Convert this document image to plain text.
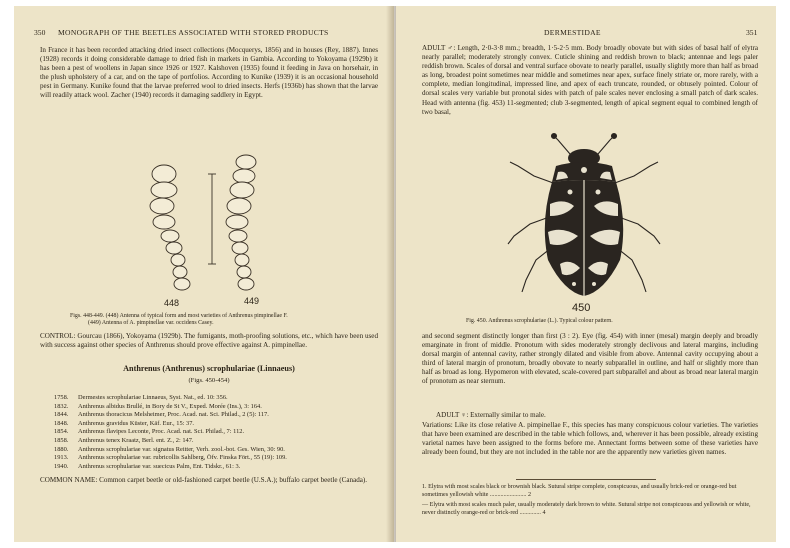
350 MONOGRAPH OF THE BEETLES ASSOCIATED WITH STORED PRODUCTS

In France it has been recorded attacking dried insect collections (Mocquerys, 1856) and in houses (Rey, 1887). Innes (1928) records it doing considerable damage to dried fish in markets in Gambia. According to Yokoyama (1929b) it has been a pest of woollens in Japan since 1926 or 1927. Kalshoven (1935) found it feeding in Java on horsehair, in the plush upholstery of a car, and on the tape of portfolios. According to Kunike (1939) it is an occasional household pest in Germany. Kunike found that the larvae preferred wool to dried insects. Herfs (1936b) has shown that the larvae will readily attack wool. Zacher (1940) records it damaging saddlery in Egypt.

448	449
Figs. 448-449. (448) Antenna of typical form and most varieties of Anthrenus pimpinellae F.
(449) Antenna of A. pimpinellae var. occidens Casey.

CONTROL: Gourcau (1866), Yokoyama (1929b). The fumigants, moth-proofing solutions, etc., which have been used with success against other species of Anthrenus should prove effective against A. pimpinellae.

Anthrenus (Anthrenus) scrophulariae (Linnaeus)
(Figs. 450-454)
1758. Dermestes scrophulariae Linnaeus, Syst. Nat., ed. 10: 356.
1832. Anthrenus albidus Brullé, in Bory de St V., Exped. Morée (Ins.), 3: 164.
1844. Anthrenus thoracicus Melsheimer, Proc. Acad. nat. Sci. Philad., 2 (5): 117.
1848. Anthrenus gravidus Küster, Käf. Eur., 15: 37.
1854. Anthrenus flavipes Leconte, Proc. Acad. nat. Sci. Philad., 7: 112.
1858. Anthrenus tenex Kraatz, Berl. ent. Z., 2: 147.
1880. Anthrenus scrophulariae var. signatus Reitter, Verh. zool.-bot. Ges. Wien, 30: 90.
1913. Anthrenus scrophulariae var. rubricollis Sahlberg, Öfv. Finska Fört., 55 (19): 109.
1940. Anthrenus scrophulariae var. suecicus Palm, Ent. Tidskr., 61: 3.

COMMON NAME: Common carpet beetle or old-fashioned carpet beetle (U.S.A.); buffalo carpet beetle (Canada).

DERMESTIDAE	351

ADULT ♂: Length, 2·0-3·8 mm.; breadth, 1·5-2·5 mm. Body broadly obovate but with sides of basal half of elytra nearly parallel; moderately strongly convex. Cuticle shining and reddish brown to black; antennae and legs paler reddish brown. Scales of dorsal and ventral surface obovate to nearly parallel, usually slightly more than half as broad as long, broadest point sometimes near middle and sometimes near apex, surface finely striate or, more rarely, with a complete, median longitudinal, impressed line, and apex of each truncate, rounded, or obtusely pointed. Colour of dorsal scales very variable but pronotal sides with patch of pale scales never enclosing a small patch of dark scales. Head with antenna (fig. 453) 11-segmented; club 3-segmented, length of apical segment equal to combined length of two basal,

450
Fig. 450. Anthrenus scrophulariae (L.). Typical colour pattern.

and second segment distinctly longer than first (3 : 2). Eye (fig. 454) with inner (mesal) margin deeply and broadly emarginate in front of middle. Pronotum with sides moderately strongly declivous and lateral margins, including dorsal margin of antennal cavity, rather strongly dilated and visible from above. Antennal cavity occupying about a third of lateral margin of pronotum, broadly obovate to nearly subparallel in outline, and half or slightly more than half as broad as long. Hypomeron with elevated, scale-covered part subparallel and about as broad near lateral margin of pronotum as near sternum.

ADULT ♀: Externally similar to male.

Variations: Like its close relative A. pimpinellae F., this species has many conspicuous colour varieties. The varieties that have been examined are described in the table which follows, and, wherever it has been possible, already existing varietal names have been assigned to the forms before me. Annectant forms between some of these varieties have already been found, but they are not included in the table nor are the apparently new varieties given names.

1. Elytra with most scales black or brownish black. Sutural stripe complete, conspicuous, and usually brick-red or orange-red but sometimes yellowish white ........................ 2
— Elytra with most scales much paler, usually moderately dark brown to white. Sutural stripe not conspicuous and yellowish or white, never distinctly orange-red or brick-red .............. 4
